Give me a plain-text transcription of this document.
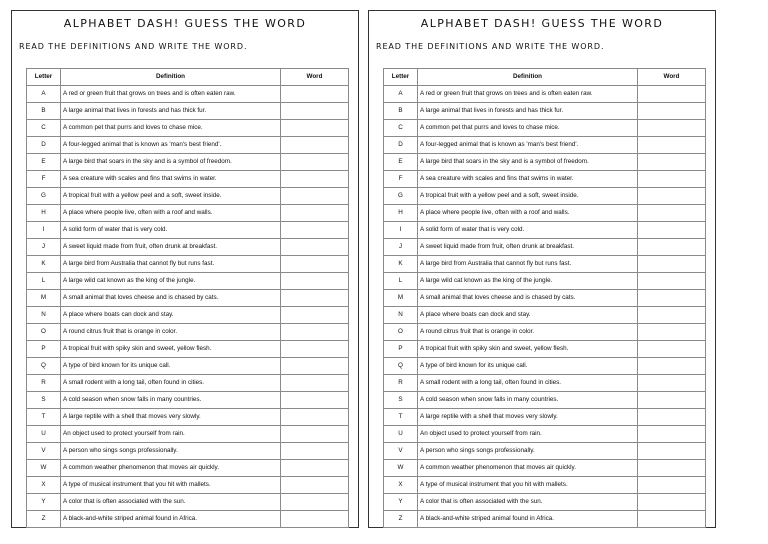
ALPHABET DASH! GUESS THE WORD
READ THE DEFINITIONS AND WRITE THE WORD.
Letter	Definition	Word
A	A red or green fruit that grows on trees and is often eaten raw.	
B	A large animal that lives in forests and has thick fur.	
C	A common pet that purrs and loves to chase mice.	
D	A four-legged animal that is known as 'man's best friend'.	
E	A large bird that soars in the sky and is a symbol of freedom.	
F	A sea creature with scales and fins that swims in water.	
G	A tropical fruit with a yellow peel and a soft, sweet inside.	
H	A place where people live, often with a roof and walls.	
I	A solid form of water that is very cold.	
J	A sweet liquid made from fruit, often drunk at breakfast.	
K	A large bird from Australia that cannot fly but runs fast.	
L	A large wild cat known as the king of the jungle.	
M	A small animal that loves cheese and is chased by cats.	
N	A place where boats can dock and stay.	
O	A round citrus fruit that is orange in color.	
P	A tropical fruit with spiky skin and sweet, yellow flesh.	
Q	A type of bird known for its unique call.	
R	A small rodent with a long tail, often found in cities.	
S	A cold season when snow falls in many countries.	
T	A large reptile with a shell that moves very slowly.	
U	An object used to protect yourself from rain.	
V	A person who sings songs professionally.	
W	A common weather phenomenon that moves air quickly.	
X	A type of musical instrument that you hit with mallets.	
Y	A color that is often associated with the sun.	
Z	A black-and-white striped animal found in Africa.	
ALPHABET DASH! GUESS THE WORD
READ THE DEFINITIONS AND WRITE THE WORD.
Letter	Definition	Word
A	A red or green fruit that grows on trees and is often eaten raw.	
B	A large animal that lives in forests and has thick fur.	
C	A common pet that purrs and loves to chase mice.	
D	A four-legged animal that is known as 'man's best friend'.	
E	A large bird that soars in the sky and is a symbol of freedom.	
F	A sea creature with scales and fins that swims in water.	
G	A tropical fruit with a yellow peel and a soft, sweet inside.	
H	A place where people live, often with a roof and walls.	
I	A solid form of water that is very cold.	
J	A sweet liquid made from fruit, often drunk at breakfast.	
K	A large bird from Australia that cannot fly but runs fast.	
L	A large wild cat known as the king of the jungle.	
M	A small animal that loves cheese and is chased by cats.	
N	A place where boats can dock and stay.	
O	A round citrus fruit that is orange in color.	
P	A tropical fruit with spiky skin and sweet, yellow flesh.	
Q	A type of bird known for its unique call.	
R	A small rodent with a long tail, often found in cities.	
S	A cold season when snow falls in many countries.	
T	A large reptile with a shell that moves very slowly.	
U	An object used to protect yourself from rain.	
V	A person who sings songs professionally.	
W	A common weather phenomenon that moves air quickly.	
X	A type of musical instrument that you hit with mallets.	
Y	A color that is often associated with the sun.	
Z	A black-and-white striped animal found in Africa.	
